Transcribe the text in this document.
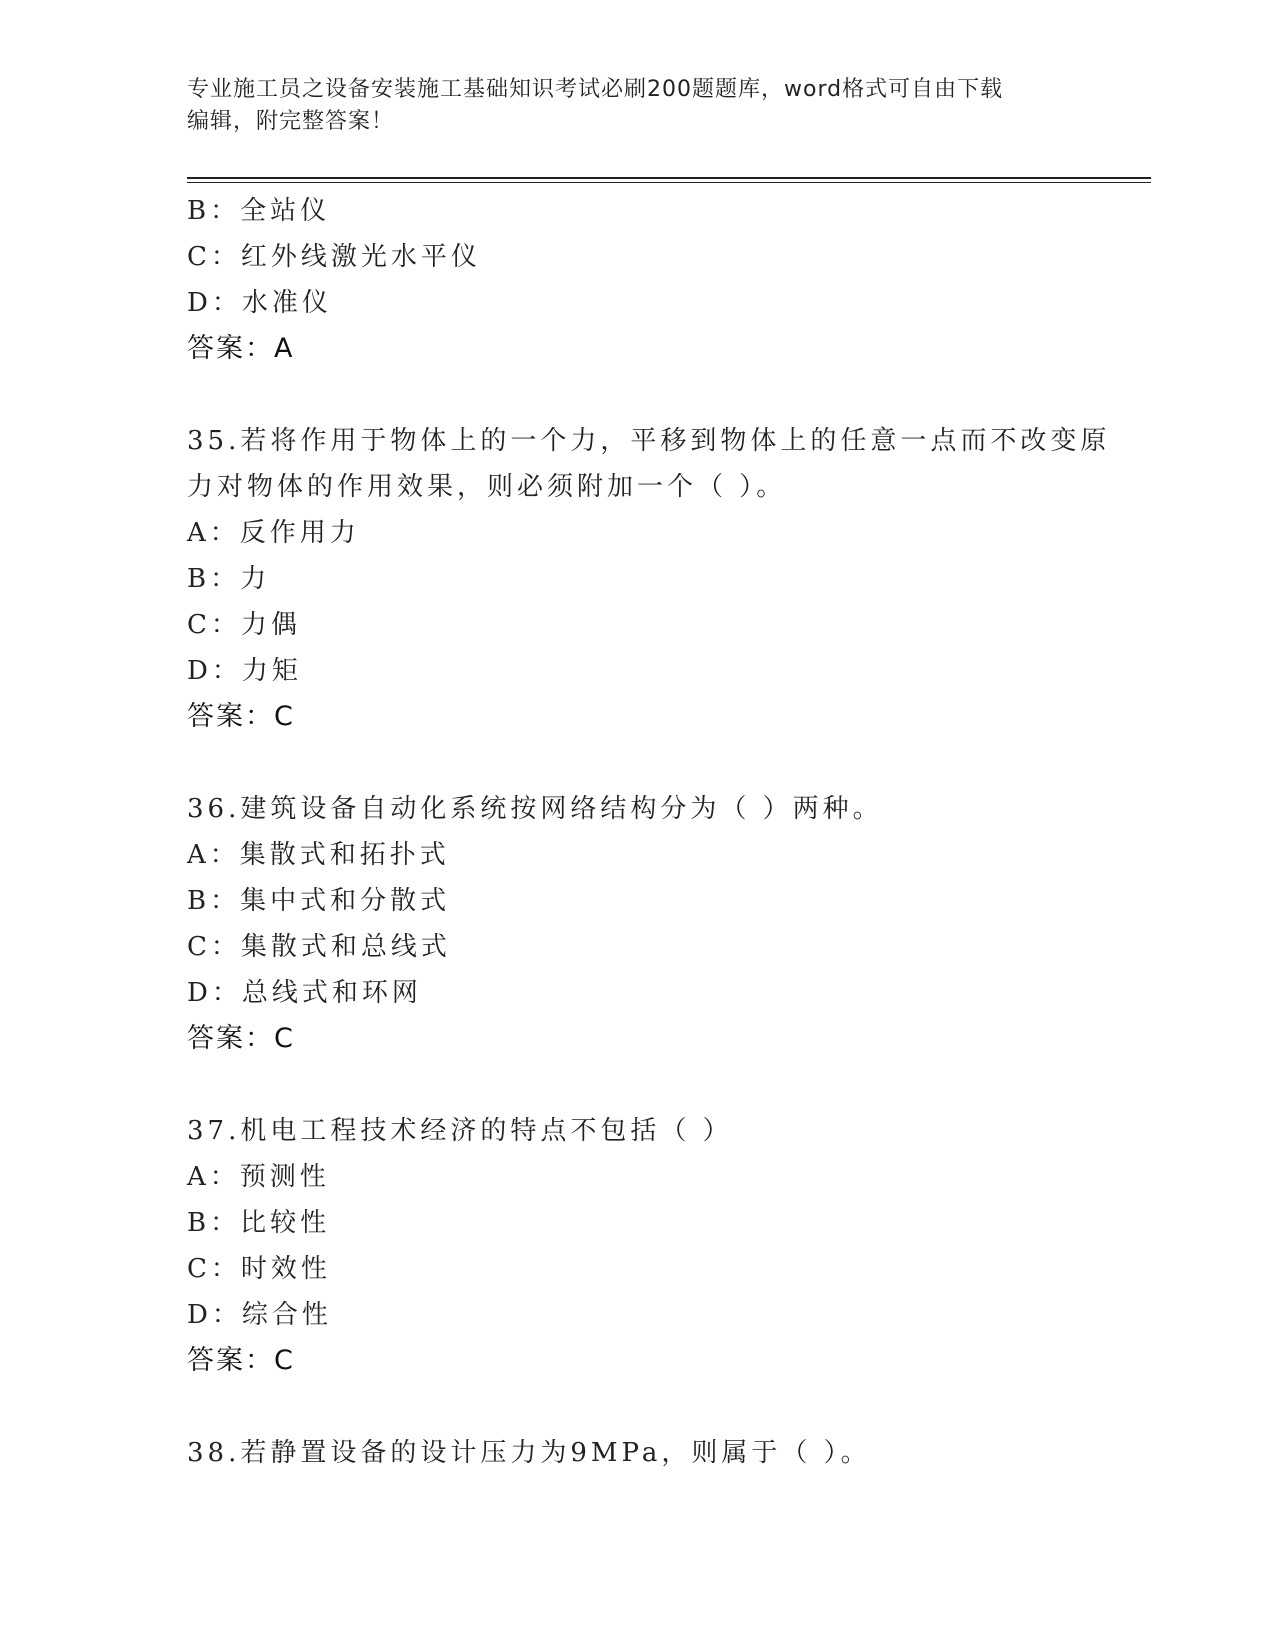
专业施工员之设备安装施工基础知识考试必刷200题题库，word格式可自由下载
编辑，附完整答案！
B：全站仪
C：红外线激光水平仪
D：水准仪
答案：A
35.若将作用于物体上的一个力，平移到物体上的任意一点而不改变原
力对物体的作用效果，则必须附加一个（ ）。
A：反作用力
B：力
C：力偶
D：力矩
答案：C
36.建筑设备自动化系统按网络结构分为（ ）两种。
A：集散式和拓扑式
B：集中式和分散式
C：集散式和总线式
D：总线式和环网
答案：C
37.机电工程技术经济的特点不包括（ ）
A：预测性
B：比较性
C：时效性
D：综合性
答案：C
38.若静置设备的设计压力为9MPa，则属于（ ）。
